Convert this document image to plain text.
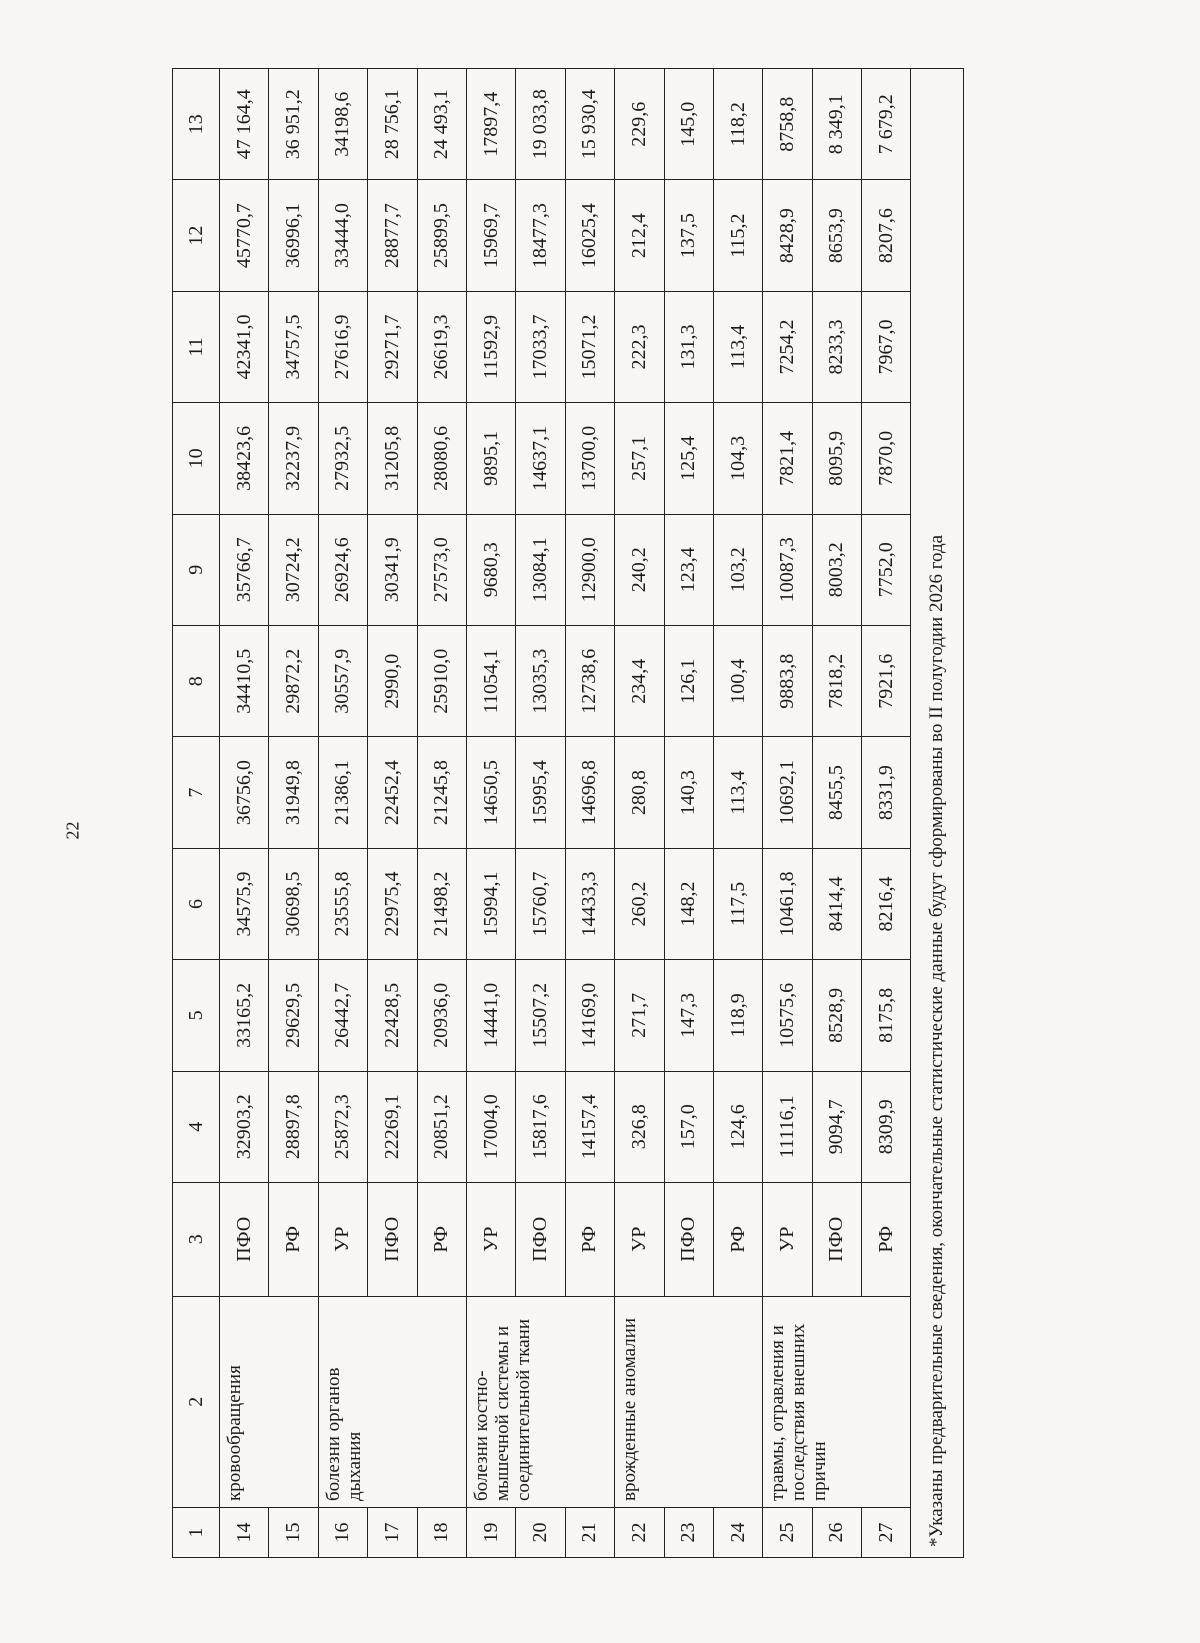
22
1	2	3	4	5	6	7	8	9	10	11	12	13
14	кровообращения	ПФО	32903,2	33165,2	34575,9	36756,0	34410,5	35766,7	38423,6	42341,0	45770,7	47 164,4
15		РФ	28897,8	29629,5	30698,5	31949,8	29872,2	30724,2	32237,9	34757,5	36996,1	36 951,2
16	болезни органов дыхания	УР	25872,3	26442,7	23555,8	21386,1	30557,9	26924,6	27932,5	27616,9	33444,0	34198,6
17		ПФО	22269,1	22428,5	22975,4	22452,4	2990,0	30341,9	31205,8	29271,7	28877,7	28 756,1
18		РФ	20851,2	20936,0	21498,2	21245,8	25910,0	27573,0	28080,6	26619,3	25899,5	24 493,1
19	болезни костно-мышечной системы и соединительной ткани	УР	17004,0	14441,0	15994,1	14650,5	11054,1	9680,3	9895,1	11592,9	15969,7	17897,4
20		ПФО	15817,6	15507,2	15760,7	15995,4	13035,3	13084,1	14637,1	17033,7	18477,3	19 033,8
21		РФ	14157,4	14169,0	14433,3	14696,8	12738,6	12900,0	13700,0	15071,2	16025,4	15 930,4
22	врожденные аномалии	УР	326,8	271,7	260,2	280,8	234,4	240,2	257,1	222,3	212,4	229,6
23		ПФО	157,0	147,3	148,2	140,3	126,1	123,4	125,4	131,3	137,5	145,0
24		РФ	124,6	118,9	117,5	113,4	100,4	103,2	104,3	113,4	115,2	118,2
25	травмы, отравления и последствия внешних причин	УР	11116,1	10575,6	10461,8	10692,1	9883,8	10087,3	7821,4	7254,2	8428,9	8758,8
26		ПФО	9094,7	8528,9	8414,4	8455,5	7818,2	8003,2	8095,9	8233,3	8653,9	8 349,1
27		РФ	8309,9	8175,8	8216,4	8331,9	7921,6	7752,0	7870,0	7967,0	8207,6	7 679,2
*Указаны предварительные сведения, окончательные статистические данные будут сформированы во II полугодии 2026 года
